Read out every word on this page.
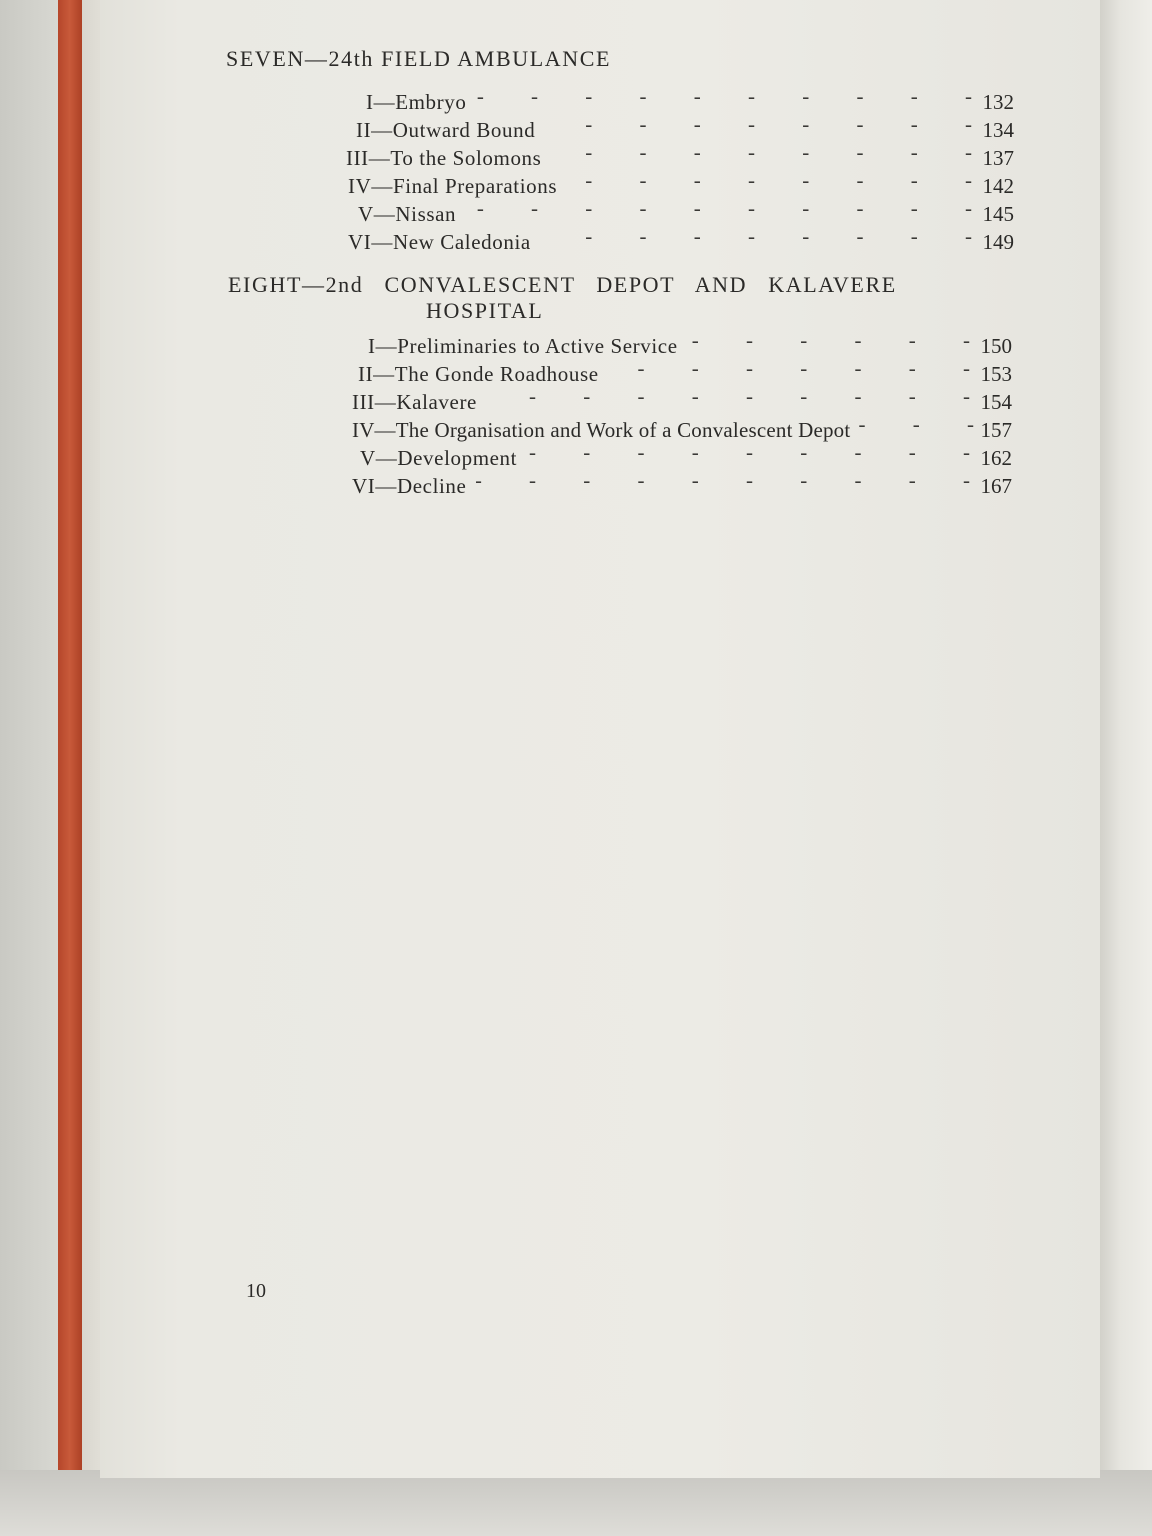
SEVEN—24th FIELD AMBULANCE
I—Embryo -	132
II—Outward Bound -	134
III—To the Solomons -	137
IV—Final Preparations -	142
V—Nissan -	145
VI—New Caledonia -	149
EIGHT—2nd CONVALESCENT DEPOT AND KALAVERE
HOSPITAL
I—Preliminaries to Active Service -	150
II—The Gonde Roadhouse -	153
III—Kalavere -	154
IV—The Organisation and Work of a Convalescent Depot -	157
V—Development -	162
VI—Decline -	167
10
